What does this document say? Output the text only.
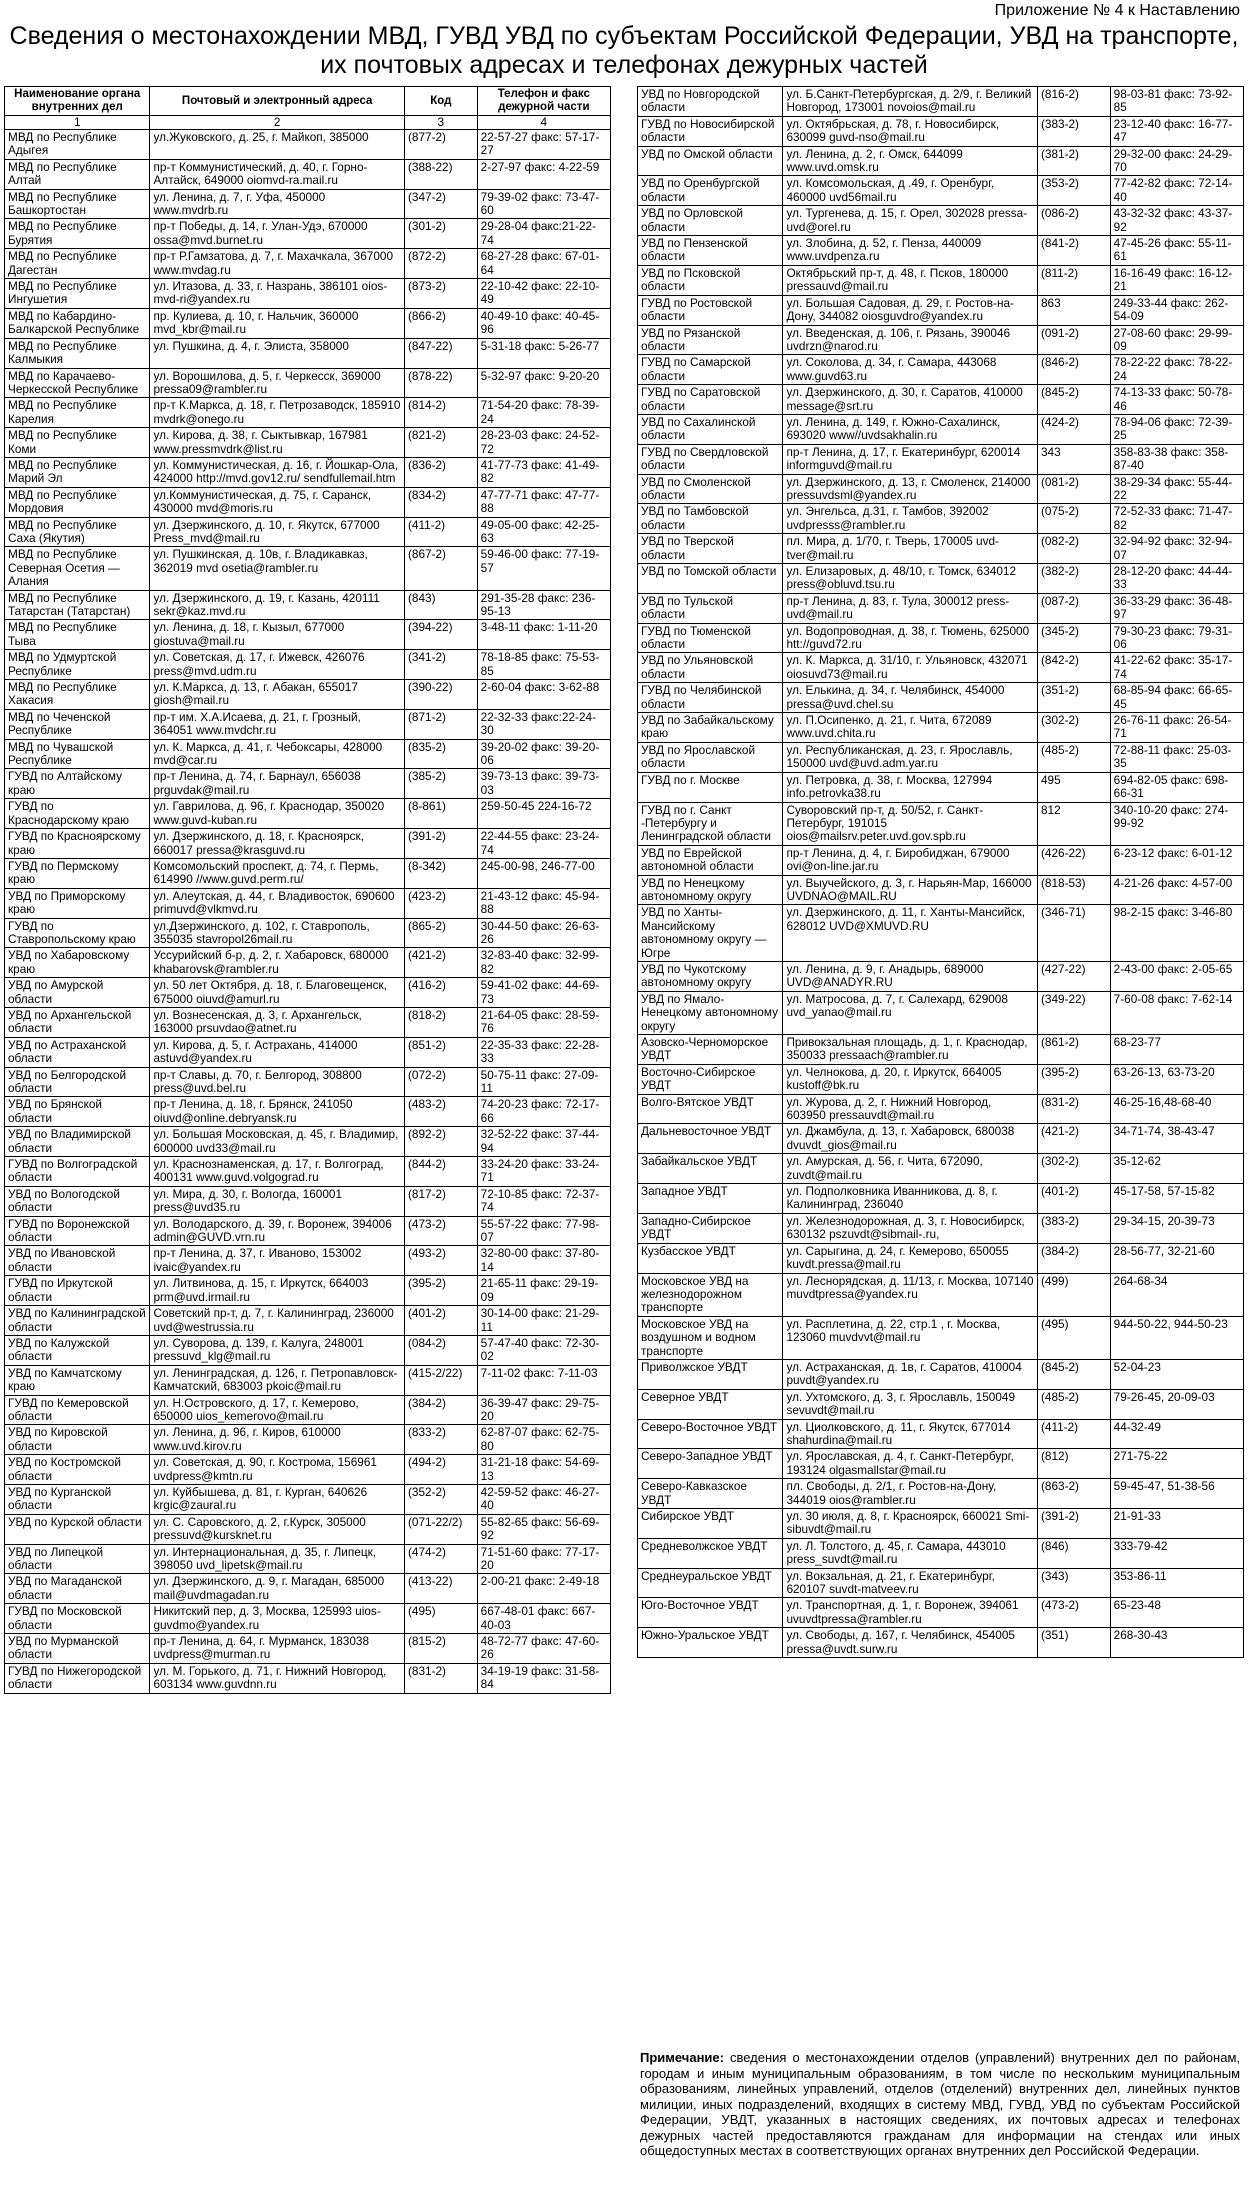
Приложение № 4 к Наставлению
Сведения о местонахождении МВД, ГУВД УВД по субъектам Российской Федерации, УВД на транспорте,
их почтовых адресах и телефонах дежурных частей
Наименование органа внутренних дел	Почтовый и электронный адреса	Код	Телефон и факс дежурной части
1	2	3	4
МВД по Республике Адыгея	ул.Жуковского, д. 25, г. Майкоп, 385000	(877-2)	22-57-27 факс: 57-17-27
МВД по Республике Алтай	пр-т Коммунистический, д. 40, г. Горно-Алтайск, 649000 oiomvd-ra.mail.ru	(388-22)	2-27-97 факс: 4-22-59
МВД по Республике Башкортостан	ул. Ленина, д. 7, г. Уфа, 450000 www.mvdrb.ru	(347-2)	79-39-02 факс: 73-47-60
МВД по Республике Бурятия	пр-т Победы, д. 14, г. Улан-Удэ, 670000 ossa@mvd.burnet.ru	(301-2)	29-28-04 факс:21-22-74
МВД по Республике Дагестан	пр-т Р.Гамзатова, д. 7, г. Махачкала, 367000 www.mvdag.ru	(872-2)	68-27-28 факс: 67-01-64
МВД по Республике Ингушетия	ул. Итазова, д. 33, г. Назрань, 386101 oios-mvd-ri@yandex.ru	(873-2)	22-10-42 факс: 22-10-49
МВД по Кабардино-Балкарской Республике	пр. Кулиева, д. 10, г. Нальчик, 360000 mvd_kbr@mail.ru	(866-2)	40-49-10 факс: 40-45-96
МВД по Республике Калмыкия	ул. Пушкина, д. 4, г. Элиста, 358000	(847-22)	5-31-18 факс: 5-26-77
МВД по Карачаево-Черкесской Республике	ул. Ворошилова, д. 5, г. Черкесск, 369000 pressa09@rambler.ru	(878-22)	5-32-97 факс: 9-20-20
МВД по Республике Карелия	пр-т К.Маркса, д. 18, г. Петрозаводск, 185910 mvdrk@onego.ru	(814-2)	71-54-20 факс: 78-39-24
МВД по Республике Коми	ул. Кирова, д. 38, г. Сыктывкар, 167981 www.pressmvdrk@list.ru	(821-2)	28-23-03 факс: 24-52-72
МВД по Республике Марий Эл	ул. Коммунистическая, д. 16, г. Йошкар-Ола, 424000 http://mvd.gov12.ru/ sendfullemail.htm	(836-2)	41-77-73 факс: 41-49-82
МВД по Республике Мордовия	ул.Коммунистическая, д. 75, г. Саранск, 430000 mvd@moris.ru	(834-2)	47-77-71 факс: 47-77-88
МВД по Республике Саха (Якутия)	ул. Дзержинского, д. 10, г. Якутск, 677000 Press_mvd@mail.ru	(411-2)	49-05-00 факс: 42-25-63
МВД по Республике Северная Осетия — Алания	ул. Пушкинская, д. 10в, г. Владикавказ, 362019 mvd osetia@rambler.ru	(867-2)	59-46-00 факс: 77-19-57
МВД по Республике Татарстан (Татарстан)	ул. Дзержинского, д. 19, г. Казань, 420111 sekr@kaz.mvd.ru	(843)	291-35-28 факс: 236-95-13
МВД по Республике Тыва	ул. Ленина, д. 18, г. Кызыл, 677000 giostuva@mail.ru	(394-22)	3-48-11 факс: 1-11-20
МВД по Удмуртской Республике	ул. Советская, д. 17, г. Ижевск, 426076 press@mvd.udm.ru	(341-2)	78-18-85 факс: 75-53-85
МВД по Республике Хакасия	ул. К.Маркса, д. 13, г. Абакан, 655017 giosh@mail.ru	(390-22)	2-60-04 факс: 3-62-88
МВД по Чеченской Республике	пр-т им. Х.А.Исаева, д. 21, г. Грозный, 364051 www.mvdchr.ru	(871-2)	22-32-33 факс:22-24-30
МВД по Чувашской Республике	ул. К. Маркса, д. 41, г. Чебоксары, 428000 mvd@car.ru	(835-2)	39-20-02 факс: 39-20-06
ГУВД по Алтайскому краю	пр-т Ленина, д. 74, г. Барнаул, 656038 prguvdak@mail.ru	(385-2)	39-73-13 факс: 39-73-03
ГУВД по Краснодарскому краю	ул. Гаврилова, д. 96, г. Краснодар, 350020 www.guvd-kuban.ru	(8-861)	259-50-45 224-16-72
ГУВД по Красноярскому краю	ул. Дзержинского, д. 18, г. Красноярск, 660017 pressa@krasguvd.ru	(391-2)	22-44-55 факс: 23-24-74
ГУВД по Пермскому краю	Комсомольский проспект, д. 74, г. Пермь, 614990 //www.guvd.perm.ru/	(8-342)	245-00-98, 246-77-00
УВД по Приморскому краю	ул. Алеутская, д. 44, г. Владивосток, 690600 primuvd@vlkmvd.ru	(423-2)	21-43-12 факс: 45-94-88
ГУВД по Ставропольскому краю	ул.Дзержинского, д. 102, г. Ставрополь, 355035 stavropol26mail.ru	(865-2)	30-44-50 факс: 26-63-26
УВД по Хабаровскому краю	Уссурийский б-р, д. 2, г. Хабаровск, 680000 khabarovsk@rambler.ru	(421-2)	32-83-40 факс: 32-99-82
УВД по Амурской области	ул. 50 лет Октября, д. 18, г. Благовещенск, 675000 oiuvd@amurl.ru	(416-2)	59-41-02 факс: 44-69-73
УВД по Архангельской области	ул. Вознесенская, д. 3, г. Архангельск, 163000 prsuvdao@atnet.ru	(818-2)	21-64-05 факс: 28-59-76
УВД по Астраханской области	ул. Кирова, д. 5, г. Астрахань, 414000 astuvd@yandex.ru	(851-2)	22-35-33 факс: 22-28-33
УВД по Белгородской области	пр-т Славы, д. 70, г. Белгород, 308800 press@uvd.bel.ru	(072-2)	50-75-11 факс: 27-09-11
УВД по Брянской области	пр-т Ленина, д. 18, г. Брянск, 241050 oiuvd@online.debryansk.ru	(483-2)	74-20-23 факс: 72-17-66
УВД по Владимирской области	ул. Большая Московская, д. 45, г. Владимир, 600000 uvd33@mail.ru	(892-2)	32-52-22 факс: 37-44-94
ГУВД по Волгоградской области	ул. Краснознаменская, д. 17, г. Волгоград, 400131 www.guvd.volgograd.ru	(844-2)	33-24-20 факс: 33-24-71
УВД по Вологодской области	ул. Мира, д. 30, г. Вологда, 160001 press@uvd35.ru	(817-2)	72-10-85 факс: 72-37-74
ГУВД по Воронежской области	ул. Володарского, д. 39, г. Воронеж, 394006 admin@GUVD.vrn.ru	(473-2)	55-57-22 факс: 77-98-07
УВД по Ивановской области	пр-т Ленина, д. 37, г. Иваново, 153002 ivaic@yandex.ru	(493-2)	32-80-00 факс: 37-80-14
ГУВД по Иркутской области	ул. Литвинова, д. 15, г. Иркутск, 664003 prm@uvd.irmail.ru	(395-2)	21-65-11 факс: 29-19-09
УВД по Калининградской области	Советский пр-т, д. 7, г. Калининград, 236000 uvd@westrussia.ru	(401-2)	30-14-00 факс: 21-29-11
УВД по Калужской области	ул. Суворова, д. 139, г. Калуга, 248001 pressuvd_klg@mail.ru	(084-2)	57-47-40 факс: 72-30-02
УВД по Камчатскому краю	ул. Ленинградская, д. 126, г. Петропавловск-Камчатский, 683003 pkoic@mail.ru	(415-2/22)	7-11-02 факс: 7-11-03
ГУВД по Кемеровской области	ул. Н.Островского, д. 17, г. Кемерово, 650000 uios_kemerovo@mail.ru	(384-2)	36-39-47 факс: 29-75-20
УВД по Кировской области	ул. Ленина, д. 96, г. Киров, 610000 www.uvd.kirov.ru	(833-2)	62-87-07 факс: 62-75-80
УВД по Костромской области	ул. Советская, д. 90, г. Кострома, 156961 uvdpress@kmtn.ru	(494-2)	31-21-18 факс: 54-69-13
УВД по Курганской области	ул. Куйбышева, д. 81, г. Курган, 640626 krgic@zaural.ru	(352-2)	42-59-52 факс: 46-27-40
УВД по Курской области	ул. С. Саровского, д. 2, г.Курск, 305000 pressuvd@kursknet.ru	(071-22/2)	55-82-65 факс: 56-69-92
УВД по Липецкой области	ул. Интернациональная, д. 35, г. Липецк, 398050 uvd_lipetsk@mail.ru	(474-2)	71-51-60 факс: 77-17-20
УВД по Магаданской области	ул. Дзержинского, д. 9, г. Магадан, 685000 mail@uvdmagadan.ru	(413-22)	2-00-21 факс: 2-49-18
ГУВД по Московской области	Никитский пер, д. 3, Москва, 125993 uios-guvdmo@yandex.ru	(495)	667-48-01 факс: 667-40-03
УВД по Мурманской области	пр-т Ленина, д. 64, г. Мурманск, 183038 uvdpress@murman.ru	(815-2)	48-72-77 факс: 47-60-26
ГУВД по Нижегородской области	ул. М. Горького, д. 71, г. Нижний Новгород, 603134 www.guvdnn.ru	(831-2)	34-19-19 факс: 31-58-84
УВД по Новгородской области	ул. Б.Санкт-Петербургская, д. 2/9, г. Великий Новгород, 173001 novoios@mail.ru	(816-2)	98-03-81 факс: 73-92-85
ГУВД по Новосибирской области	ул. Октябрьская, д. 78, г. Новосибирск, 630099 guvd-nso@mail.ru	(383-2)	23-12-40 факс: 16-77-47
УВД по Омской области	ул. Ленина, д. 2, г. Омск, 644099 www.uvd.omsk.ru	(381-2)	29-32-00 факс: 24-29-70
УВД по Оренбургской области	ул. Комсомольская, д .49, г. Оренбург, 460000 uvd56mail.ru	(353-2)	77-42-82 факс: 72-14-40
УВД по Орловской области	ул. Тургенева, д. 15, г. Орел, 302028 pressa-uvd@orel.ru	(086-2)	43-32-32 факс: 43-37-92
УВД по Пензенской области	ул. Злобина, д. 52, г. Пенза, 440009 www.uvdpenza.ru	(841-2)	47-45-26 факс: 55-11-61
УВД по Псковской области	Октябрьский пр-т, д. 48, г. Псков, 180000 pressauvd@mail.ru	(811-2)	16-16-49 факс: 16-12-21
ГУВД по Ростовской области	ул. Большая Садовая, д. 29, г. Ростов-на-Дону, 344082 oiosguvdro@yandex.ru	863	249-33-44 факс: 262-54-09
УВД по Рязанской области	ул. Введенская, д. 106, г. Рязань, 390046 uvdrzn@narod.ru	(091-2)	27-08-60 факс: 29-99-09
ГУВД по Самарской области	ул. Соколова, д. 34, г. Самара, 443068 www.guvd63.ru	(846-2)	78-22-22 факс: 78-22-24
ГУВД по Саратовской области	ул. Дзержинского, д. 30, г. Саратов, 410000 message@srt.ru	(845-2)	74-13-33 факс: 50-78-46
УВД по Сахалинской области	ул. Ленина, д. 149, г. Южно-Сахалинск, 693020 www//uvdsakhalin.ru	(424-2)	78-94-06 факс: 72-39-25
ГУВД по Свердловской области	пр-т Ленина, д. 17, г. Екатеринбург, 620014 informguvd@mail.ru	343	358-83-38 факс: 358-87-40
УВД по Смоленской области	ул. Дзержинского, д. 13, г. Смоленск, 214000 pressuvdsml@yandex.ru	(081-2)	38-29-34 факс: 55-44-22
УВД по Тамбовской области	ул. Энгельса, д.31, г. Тамбов, 392002 uvdpresss@rambler.ru	(075-2)	72-52-33 факс: 71-47-82
УВД по Тверской области	пл. Мира, д. 1/70, г. Тверь, 170005 uvd-tver@mail.ru	(082-2)	32-94-92 факс: 32-94-07
УВД по Томской области	ул. Елизаровых, д. 48/10, г. Томск, 634012 press@obluvd.tsu.ru	(382-2)	28-12-20 факс: 44-44-33
УВД по Тульской области	пр-т Ленина, д. 83, г. Тула, 300012 press-uvd@mail.ru	(087-2)	36-33-29 факс: 36-48-97
ГУВД по Тюменской области	ул. Водопроводная, д. 38, г. Тюмень, 625000 htt://guvd72.ru	(345-2)	79-30-23 факс: 79-31-06
УВД по Ульяновской области	ул. К. Маркса, д. 31/10, г. Ульяновск, 432071 oiosuvd73@mail.ru	(842-2)	41-22-62 факс: 35-17-74
ГУВД по Челябинской области	ул. Елькина, д. 34, г. Челябинск, 454000 pressa@uvd.chel.su	(351-2)	68-85-94 факс: 66-65-45
УВД по Забайкальскому краю	ул. П.Осипенко, д. 21, г. Чита, 672089 www.uvd.chita.ru	(302-2)	26-76-11 факс: 26-54-71
УВД по Ярославской области	ул. Республиканская, д. 23, г. Ярославль, 150000 uvd@uvd.adm.yar.ru	(485-2)	72-88-11 факс: 25-03-35
ГУВД по г. Москве	ул. Петровка, д. 38, г. Москва, 127994 info.petrovka38.ru	495	694-82-05 факс: 698-66-31
ГУВД по г. Санкт -Петербургу и Ленинградской области	Суворовский пр-т, д. 50/52, г. Санкт-Петербург, 191015 oios@mailsrv.peter.uvd.gov.spb.ru	812	340-10-20 факс: 274-99-92
УВД по Еврейской автономной области	пр-т Ленина, д. 4, г. Биробиджан, 679000 ovi@on-line.jar.ru	(426-22)	6-23-12 факс: 6-01-12
УВД по Ненецкому автономному округу	ул. Выучейского, д. 3, г. Нарьян-Мар, 166000 UVDNAO@MAIL.RU	(818-53)	4-21-26 факс: 4-57-00
УВД по Ханты-Мансийскому автономному округу — Югре	ул. Дзержинского, д. 11, г. Ханты-Мансийск, 628012 UVD@XMUVD.RU	(346-71)	98-2-15 факс: 3-46-80
УВД по Чукотскому автономному округу	ул. Ленина, д. 9, г. Анадырь, 689000 UVD@ANADYR.RU	(427-22)	2-43-00 факс: 2-05-65
УВД по Ямало-Ненецкому автономному округу	ул. Матросова, д. 7, г. Салехард, 629008 uvd_yanao@mail.ru	(349-22)	7-60-08 факс: 7-62-14
Азовско-Черноморское УВДТ	Привокзальная площадь, д. 1, г. Краснодар, 350033 pressaach@rambler.ru	(861-2)	68-23-77
Восточно-Сибирское УВДТ	ул. Челнокова, д. 20, г. Иркутск, 664005 kustoff@bk.ru	(395-2)	63-26-13, 63-73-20
Волго-Вятское УВДТ	ул. Журова, д. 2, г. Нижний Новгород, 603950 pressauvdt@mail.ru	(831-2)	46-25-16,48-68-40
Дальневосточное УВДТ	ул. Джамбула, д. 13, г. Хабаровск, 680038 dvuvdt_gios@mail.ru	(421-2)	34-71-74, 38-43-47
Забайкальское УВДТ	ул. Амурская, д. 56, г. Чита, 672090, zuvdt@mail.ru	(302-2)	35-12-62
Западное УВДТ	ул. Подполковника Иванникова, д. 8, г. Калининград, 236040	(401-2)	45-17-58, 57-15-82
Западно-Сибирское УВДТ	ул. Железнодорожная, д. 3, г. Новосибирск, 630132 pszuvdt@sibmail-.ru,	(383-2)	29-34-15, 20-39-73
Кузбасское УВДТ	ул. Сарыгина, д. 24, г. Кемерово, 650055 kuvdt.pressa@mail.ru	(384-2)	28-56-77, 32-21-60
Московское УВД на железнодорожном транспорте	ул. Леснорядская, д. 11/13, г. Москва, 107140 muvdtpressa@yandex.ru	(499)	264-68-34
Московское УВД на воздушном и водном транспорте	ул. Расплетина, д. 22, стр.1 , г. Москва, 123060 muvdvvt@mail.ru	(495)	944-50-22, 944-50-23
Приволжское УВДТ	ул. Астраханская, д. 1в, г. Саратов, 410004 puvdt@yandex.ru	(845-2)	52-04-23
Северное УВДТ	ул. Ухтомского, д. 3, г. Ярославль, 150049 sevuvdt@mail.ru	(485-2)	79-26-45, 20-09-03
Северо-Восточное УВДТ	ул. Циолковского, д. 11, г. Якутск, 677014 shahurdina@mail.ru	(411-2)	44-32-49
Северо-Западное УВДТ	ул. Ярославская, д. 4, г. Санкт-Петербург, 193124 olgasmallstar@mail.ru	(812)	271-75-22
Северо-Кавказское УВДТ	пл. Свободы, д. 2/1, г. Ростов-на-Дону, 344019 oios@rambler.ru	(863-2)	59-45-47, 51-38-56
Сибирское УВДТ	ул. 30 июля, д. 8, г. Красноярск, 660021 Smi-sibuvdt@mail.ru	(391-2)	21-91-33
Средневолжское УВДТ	ул. Л. Толстого, д. 45, г. Самара, 443010 press_suvdt@mail.ru	(846)	333-79-42
Среднеуральское УВДТ	ул. Вокзальная, д. 21, г. Екатеринбург, 620107 suvdt-matveev.ru	(343)	353-86-11
Юго-Восточное УВДТ	ул. Транспортная, д. 1, г. Воронеж, 394061 uvuvdtpressa@rambler.ru	(473-2)	65-23-48
Южно-Уральское УВДТ	ул. Свободы, д. 167, г. Челябинск, 454005 pressa@uvdt.surw.ru	(351)	268-30-43
Примечание: сведения о местонахождении отделов (управлений) внутренних дел по районам, городам и иным муниципальным образованиям, в том числе по нескольким муниципальным образованиям, линейных управлений, отделов (отделений) внутренних дел, линейных пунктов милиции, иных подразделений, входящих в систему МВД, ГУВД, УВД по субъектам Российской Федерации, УВДТ, указанных в настоящих сведениях, их почтовых адресах и телефонах дежурных частей предоставляются гражданам для информации на стендах или иных общедоступных местах в соответствующих органах внутренних дел Российской Федерации.
